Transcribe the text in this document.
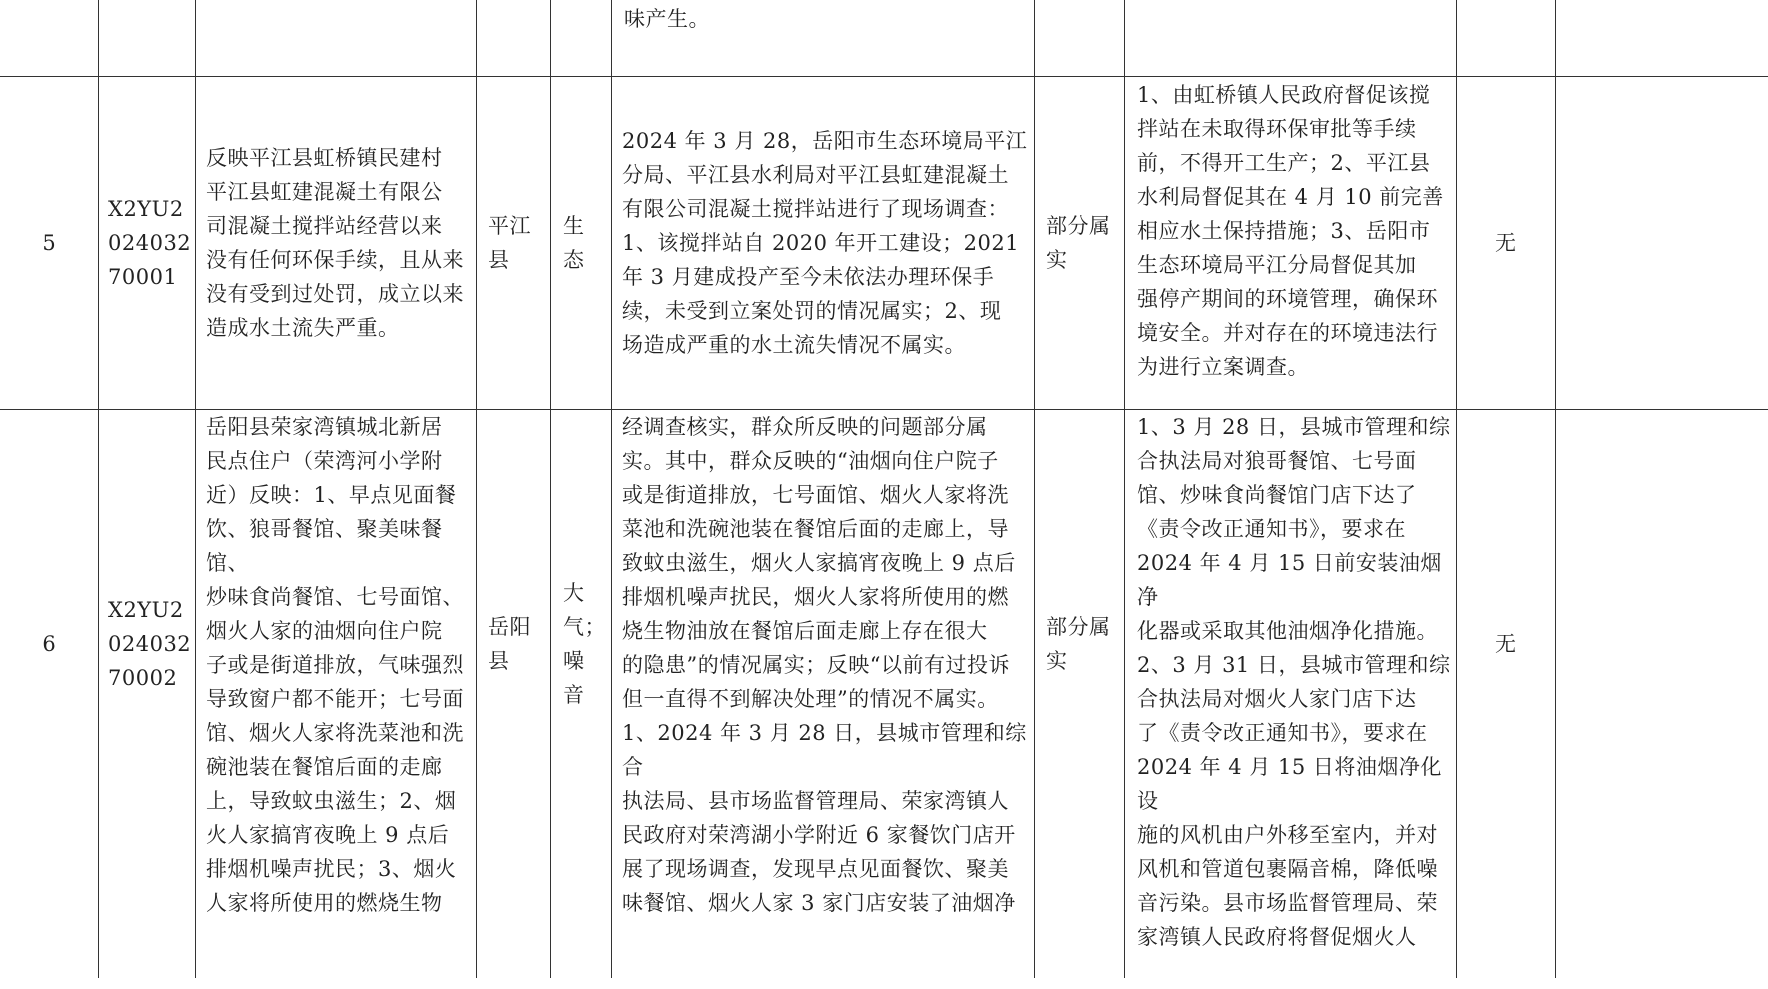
味产生。
5
X2YU2
024032
70001
反映平江县虹桥镇民建村
平江县虹建混凝土有限公
司混凝土搅拌站经营以来
没有任何环保手续，且从来
没有受到过处罚，成立以来
造成水土流失严重。
平江
县
生
态
2024 年 3 月 28，岳阳市生态环境局平江
分局、平江县水利局对平江县虹建混凝土
有限公司混凝土搅拌站进行了现场调查：
1、该搅拌站自 2020 年开工建设；2021
年 3 月建成投产至今未依法办理环保手
续，未受到立案处罚的情况属实；2、现
场造成严重的水土流失情况不属实。
部分属
实
1、由虹桥镇人民政府督促该搅
拌站在未取得环保审批等手续
前，不得开工生产；2、平江县
水利局督促其在 4 月 10 前完善
相应水土保持措施；3、岳阳市
生态环境局平江分局督促其加
强停产期间的环境管理，确保环
境安全。并对存在的环境违法行
为进行立案调查。
无
6
X2YU2
024032
70002
岳阳县荣家湾镇城北新居
民点住户（荣湾河小学附
近）反映：1、早点见面餐
饮、狼哥餐馆、聚美味餐馆、
炒味食尚餐馆、七号面馆、
烟火人家的油烟向住户院
子或是街道排放，气味强烈
导致窗户都不能开；七号面
馆、烟火人家将洗菜池和洗
碗池装在餐馆后面的走廊
上，导致蚊虫滋生；2、烟
火人家搞宵夜晚上 9 点后
排烟机噪声扰民；3、烟火
人家将所使用的燃烧生物
岳阳
县
大
气；
噪
音
经调查核实，群众所反映的问题部分属
实。其中，群众反映的“油烟向住户院子
或是街道排放，七号面馆、烟火人家将洗
菜池和洗碗池装在餐馆后面的走廊上，导
致蚊虫滋生，烟火人家搞宵夜晚上 9 点后
排烟机噪声扰民，烟火人家将所使用的燃
烧生物油放在餐馆后面走廊上存在很大
的隐患”的情况属实；反映“以前有过投诉
但一直得不到解决处理”的情况不属实。
1、2024 年 3 月 28 日，县城市管理和综合
执法局、县市场监督管理局、荣家湾镇人
民政府对荣湾湖小学附近 6 家餐饮门店开
展了现场调查，发现早点见面餐饮、聚美
味餐馆、烟火人家 3 家门店安装了油烟净
部分属
实
1、3 月 28 日，县城市管理和综
合执法局对狼哥餐馆、七号面
馆、炒味食尚餐馆门店下达了
《责令改正通知书》，要求在
2024 年 4 月 15 日前安装油烟净
化器或采取其他油烟净化措施。
2、3 月 31 日，县城市管理和综
合执法局对烟火人家门店下达
了《责令改正通知书》，要求在
2024 年 4 月 15 日将油烟净化设
施的风机由户外移至室内，并对
风机和管道包裹隔音棉，降低噪
音污染。县市场监督管理局、荣
家湾镇人民政府将督促烟火人
无
